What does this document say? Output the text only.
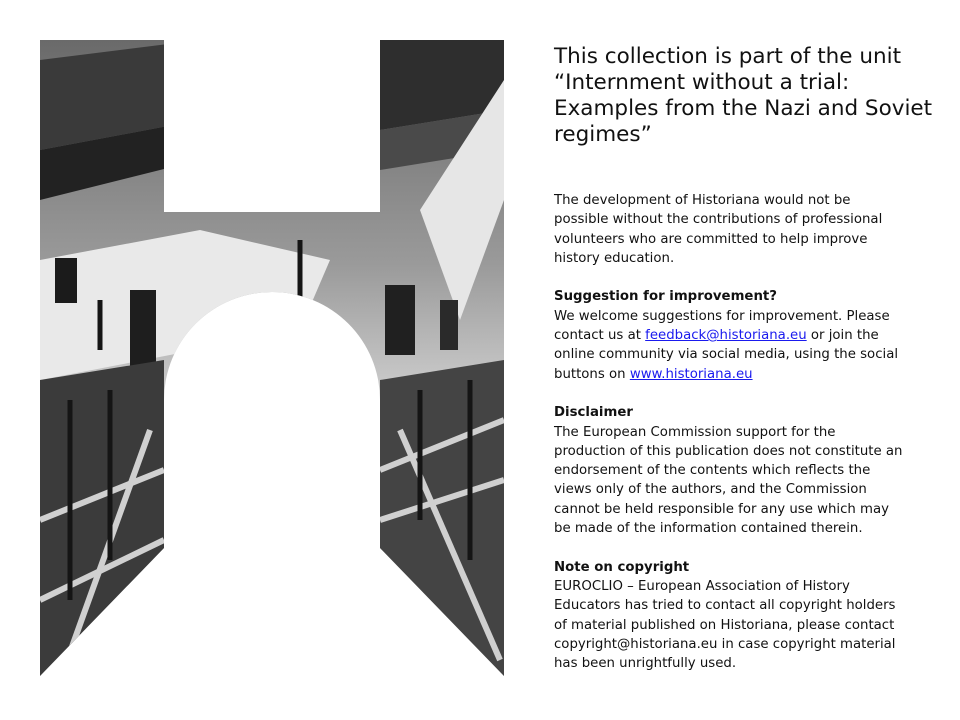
This collection is part of the unit
“Internment without a trial:
Examples from the Nazi and Soviet
regimes”
The development of Historiana would not be
possible without the contributions of professional
volunteers who are committed to help improve
history education.
Suggestion for improvement?
We welcome suggestions for improvement. Please
contact us at feedback@historiana.eu or join the
online community via social media, using the social
buttons on www.historiana.eu
Disclaimer
The European Commission support for the
production of this publication does not constitute an
endorsement of the contents which reflects the
views only of the authors, and the Commission
cannot be held responsible for any use which may
be made of the information contained therein.
Note on copyright
EUROCLIO – European Association of History
Educators has tried to contact all copyright holders
of material published on Historiana, please contact
copyright@historiana.eu in case copyright material
has been unrightfully used.
